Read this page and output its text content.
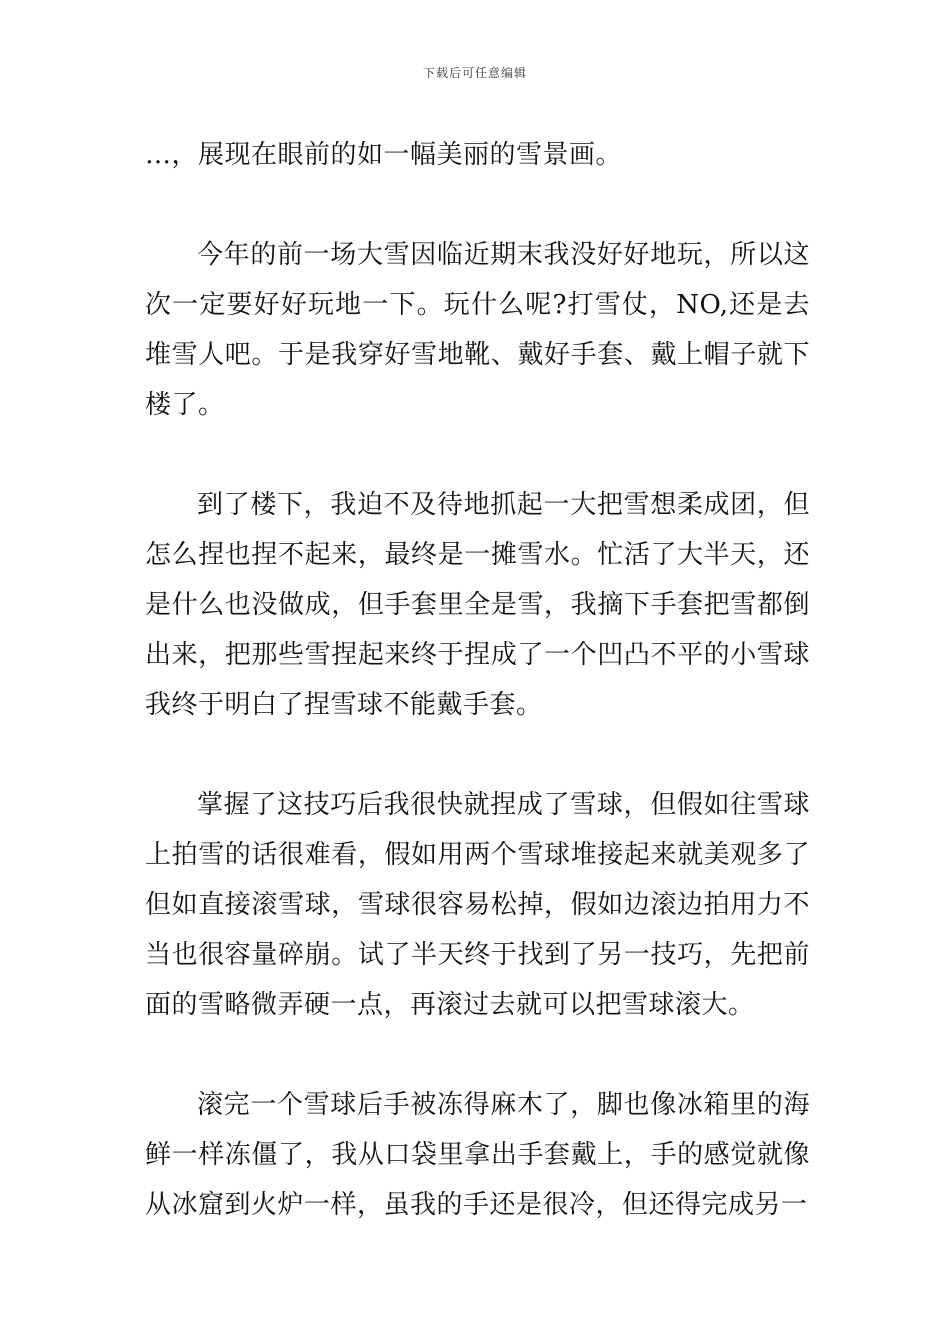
下载后可任意编辑

…，展现在眼前的如一幅美丽的雪景画。

今年的前一场大雪因临近期末我没好好地玩，所以这次一定要好好玩地一下。玩什么呢?打雪仗，NO,还是去堆雪人吧。于是我穿好雪地靴、戴好手套、戴上帽子就下楼了。

到了楼下，我迫不及待地抓起一大把雪想柔成团，但怎么捏也捏不起来，最终是一摊雪水。忙活了大半天，还是什么也没做成，但手套里全是雪，我摘下手套把雪都倒出来，把那些雪捏起来终于捏成了一个凹凸不平的小雪球我终于明白了捏雪球不能戴手套。

掌握了这技巧后我很快就捏成了雪球，但假如往雪球上拍雪的话很难看，假如用两个雪球堆接起来就美观多了但如直接滚雪球，雪球很容易松掉，假如边滚边拍用力不当也很容量碎崩。试了半天终于找到了另一技巧，先把前面的雪略微弄硬一点，再滚过去就可以把雪球滚大。

滚完一个雪球后手被冻得麻木了，脚也像冰箱里的海鲜一样冻僵了，我从口袋里拿出手套戴上，手的感觉就像从冰窟到火炉一样，虽我的手还是很冷，但还得完成另一
